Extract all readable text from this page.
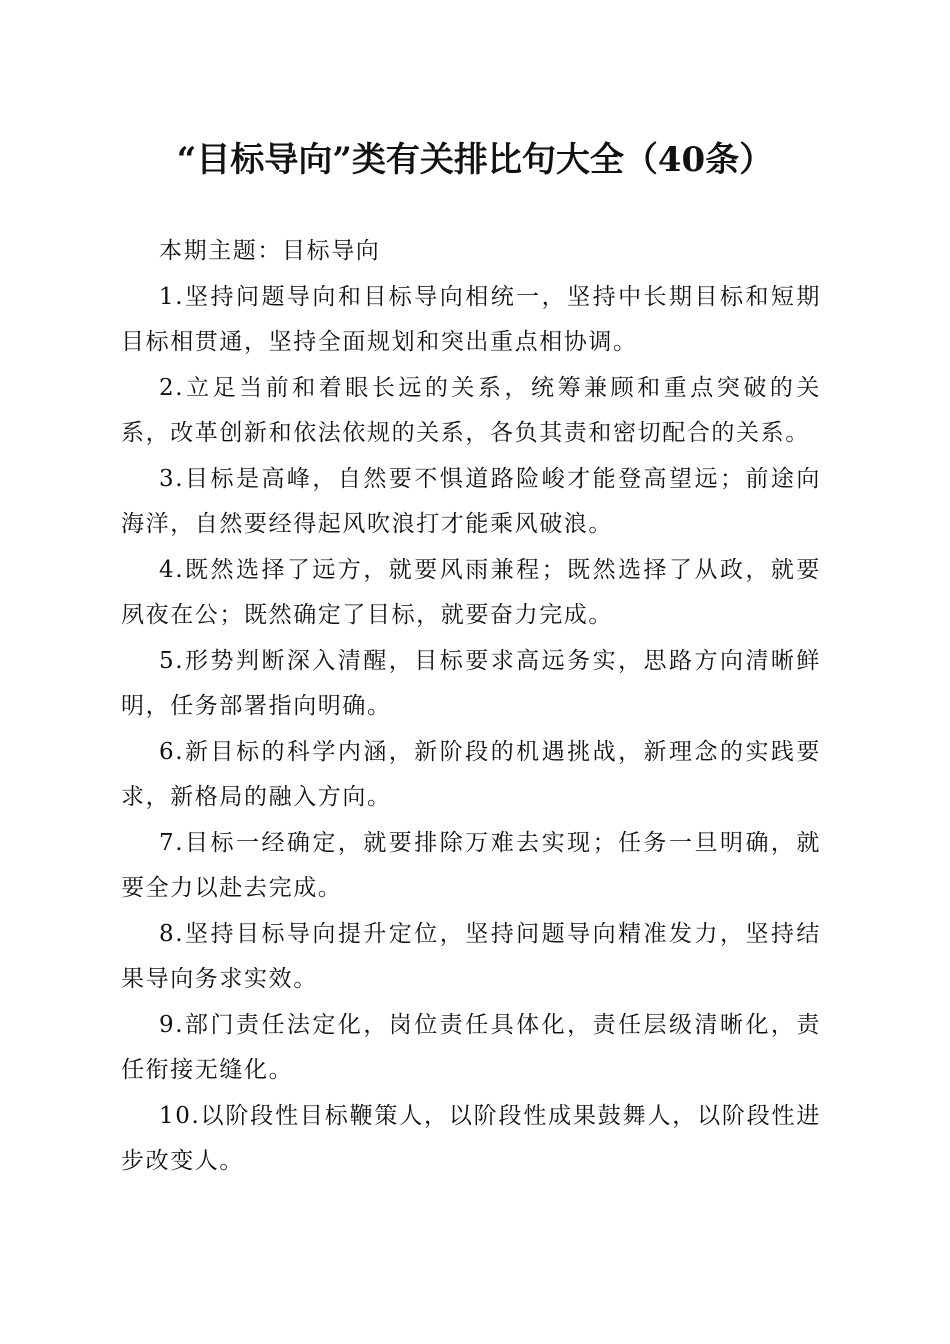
“目标导向”类有关排比句大全（40条）

本期主题：目标导向

1.坚持问题导向和目标导向相统一，坚持中长期目标和短期目标相贯通，坚持全面规划和突出重点相协调。

2.立足当前和着眼长远的关系，统筹兼顾和重点突破的关系，改革创新和依法依规的关系，各负其责和密切配合的关系。

3.目标是高峰，自然要不惧道路险峻才能登高望远；前途向海洋，自然要经得起风吹浪打才能乘风破浪。

4.既然选择了远方，就要风雨兼程；既然选择了从政，就要夙夜在公；既然确定了目标，就要奋力完成。

5.形势判断深入清醒，目标要求高远务实，思路方向清晰鲜明，任务部署指向明确。

6.新目标的科学内涵，新阶段的机遇挑战，新理念的实践要求，新格局的融入方向。

7.目标一经确定，就要排除万难去实现；任务一旦明确，就要全力以赴去完成。

8.坚持目标导向提升定位，坚持问题导向精准发力，坚持结果导向务求实效。

9.部门责任法定化，岗位责任具体化，责任层级清晰化，责任衔接无缝化。

10.以阶段性目标鞭策人，以阶段性成果鼓舞人，以阶段性进步改变人。
